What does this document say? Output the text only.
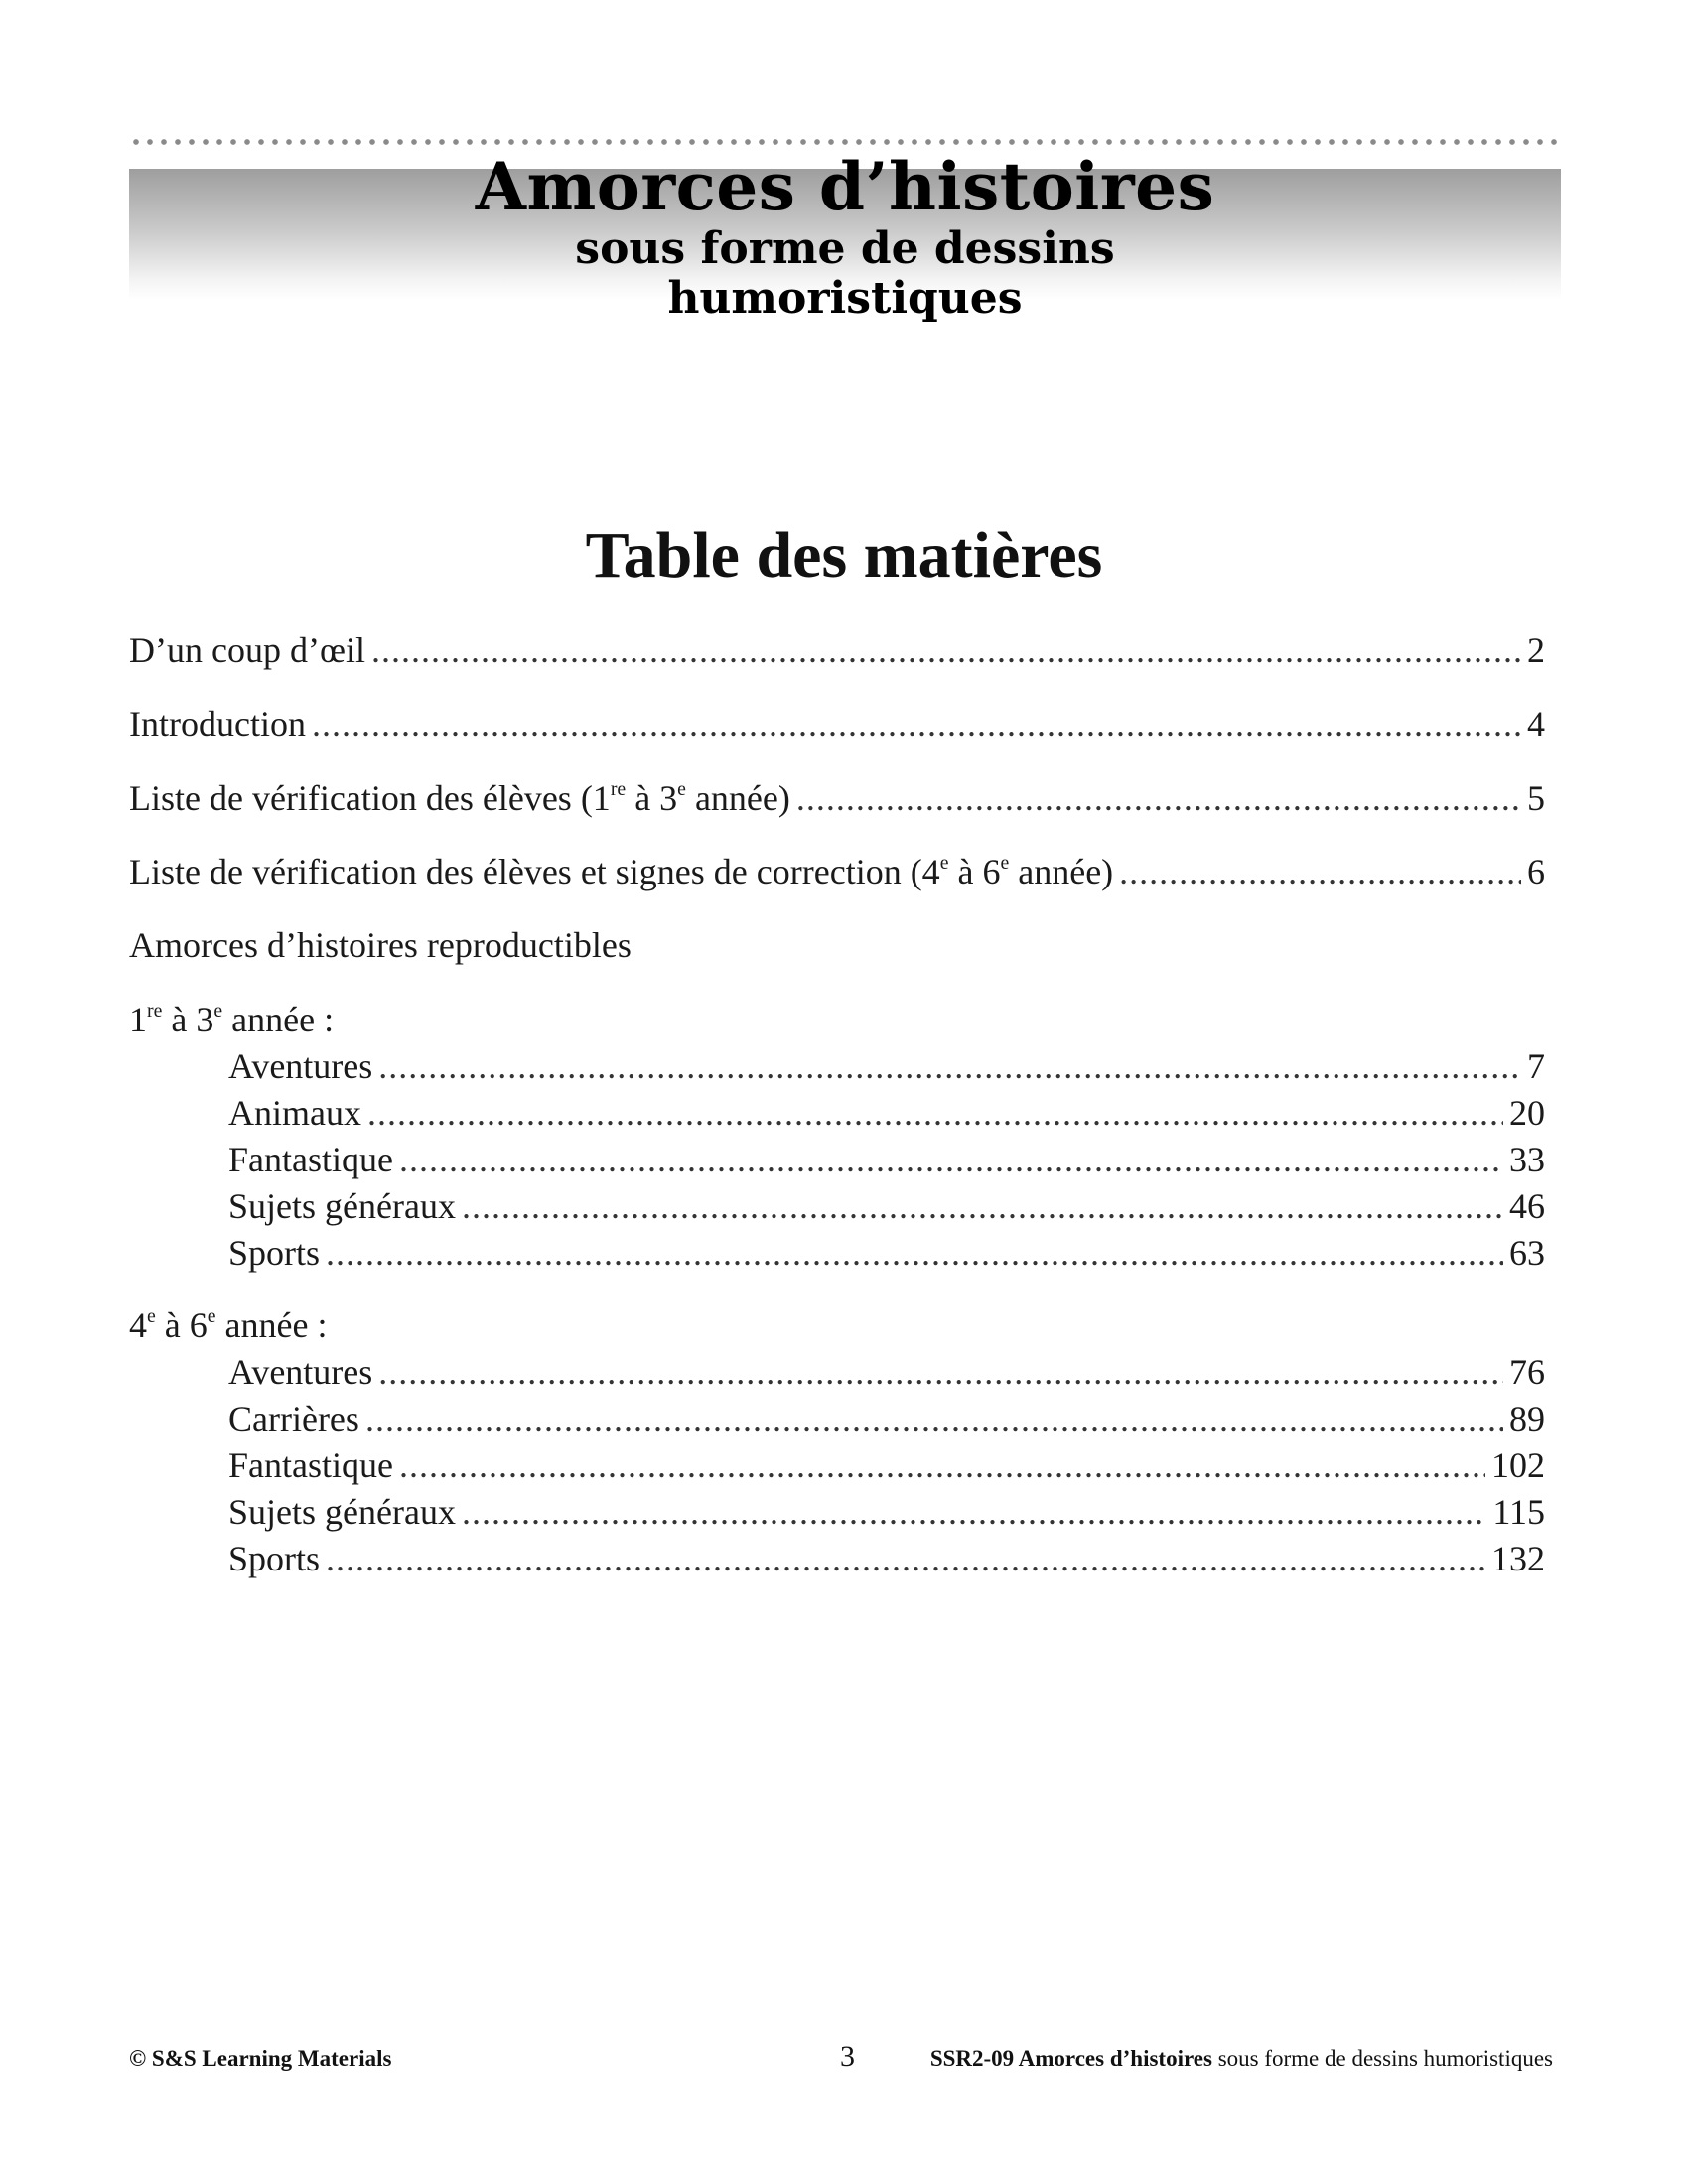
Amorces d’histoires
sous forme de dessins
humoristiques
Table des matières
D’un coup d’œil .....	2
Introduction .....	4
Liste de vérification des élèves (1re à 3e année) .....	5
Liste de vérification des élèves et signes de correction (4e à 6e année) .....	6
Amorces d’histoires reproductibles
1re à 3e année :
Aventures .....	7
Animaux .....	20
Fantastique .....	33
Sujets généraux .....	46
Sports .....	63
4e à 6e année :
Aventures .....	76
Carrières .....	89
Fantastique .....	102
Sujets généraux .....	115
Sports .....	132
© S&S Learning Materials	3	SSR2-09 Amorces d’histoires sous forme de dessins humoristiques
